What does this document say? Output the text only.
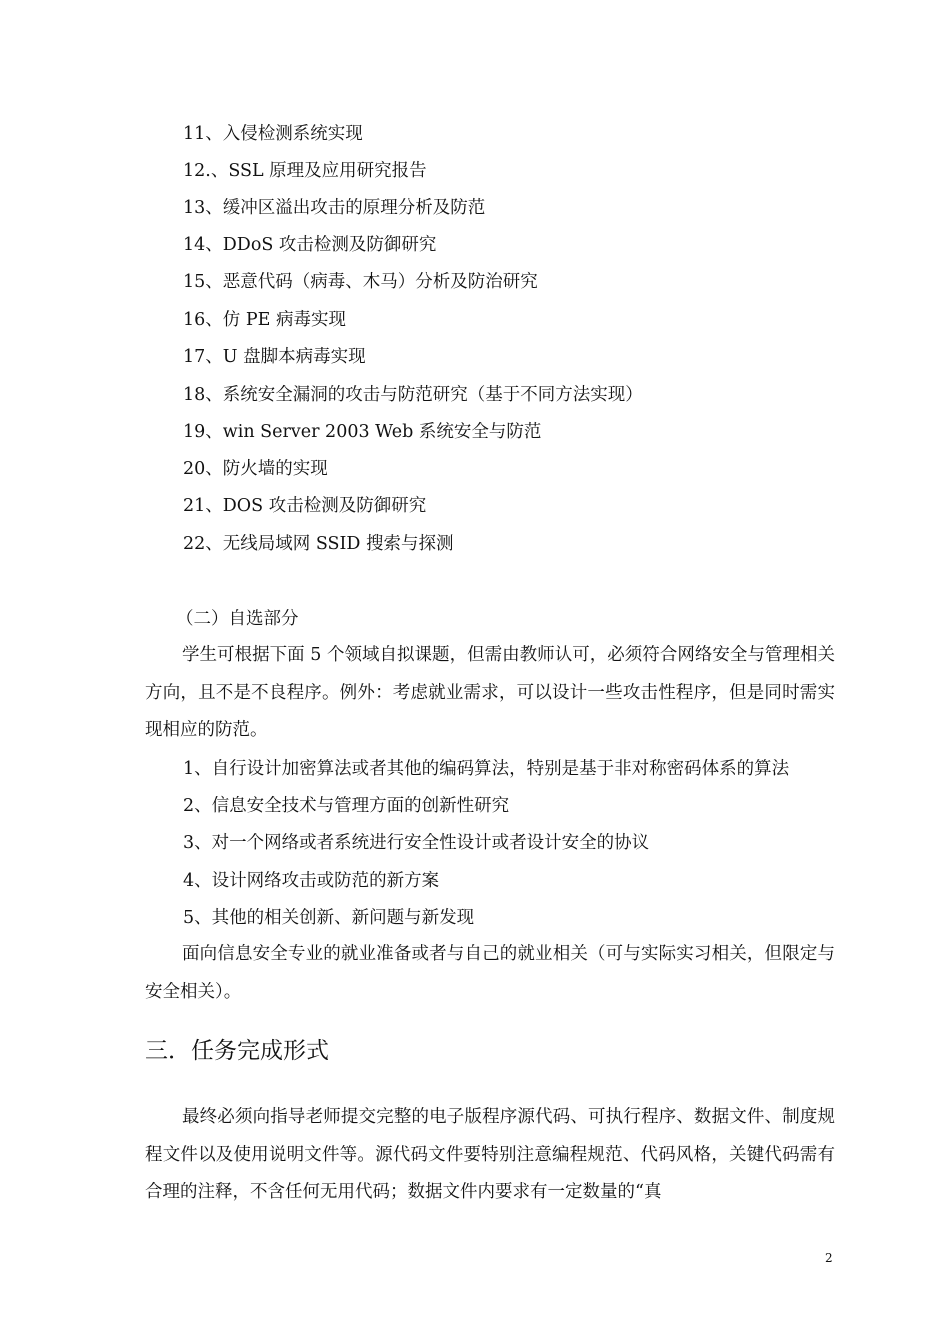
11、入侵检测系统实现
12.、SSL 原理及应用研究报告
13、缓冲区溢出攻击的原理分析及防范
14、DDoS 攻击检测及防御研究
15、恶意代码（病毒、木马）分析及防治研究
16、仿 PE 病毒实现
17、U 盘脚本病毒实现
18、系统安全漏洞的攻击与防范研究（基于不同方法实现）
19、win Server 2003 Web 系统安全与防范
20、防火墙的实现
21、DOS 攻击检测及防御研究
22、无线局域网 SSID 搜索与探测
（二）自选部分
学生可根据下面 5 个领域自拟课题，但需由教师认可，必须符合网络安全与管理相关方向，且不是不良程序。例外：考虑就业需求，可以设计一些攻击性程序，但是同时需实现相应的防范。
1、自行设计加密算法或者其他的编码算法，特别是基于非对称密码体系的算法
2、信息安全技术与管理方面的创新性研究
3、对一个网络或者系统进行安全性设计或者设计安全的协议
4、设计网络攻击或防范的新方案
5、其他的相关创新、新问题与新发现
面向信息安全专业的就业准备或者与自己的就业相关（可与实际实习相关，但限定与安全相关）。
三．任务完成形式
最终必须向指导老师提交完整的电子版程序源代码、可执行程序、数据文件、制度规程文件以及使用说明文件等。源代码文件要特别注意编程规范、代码风格，关键代码需有合理的注释，不含任何无用代码；数据文件内要求有一定数量的“真
2
